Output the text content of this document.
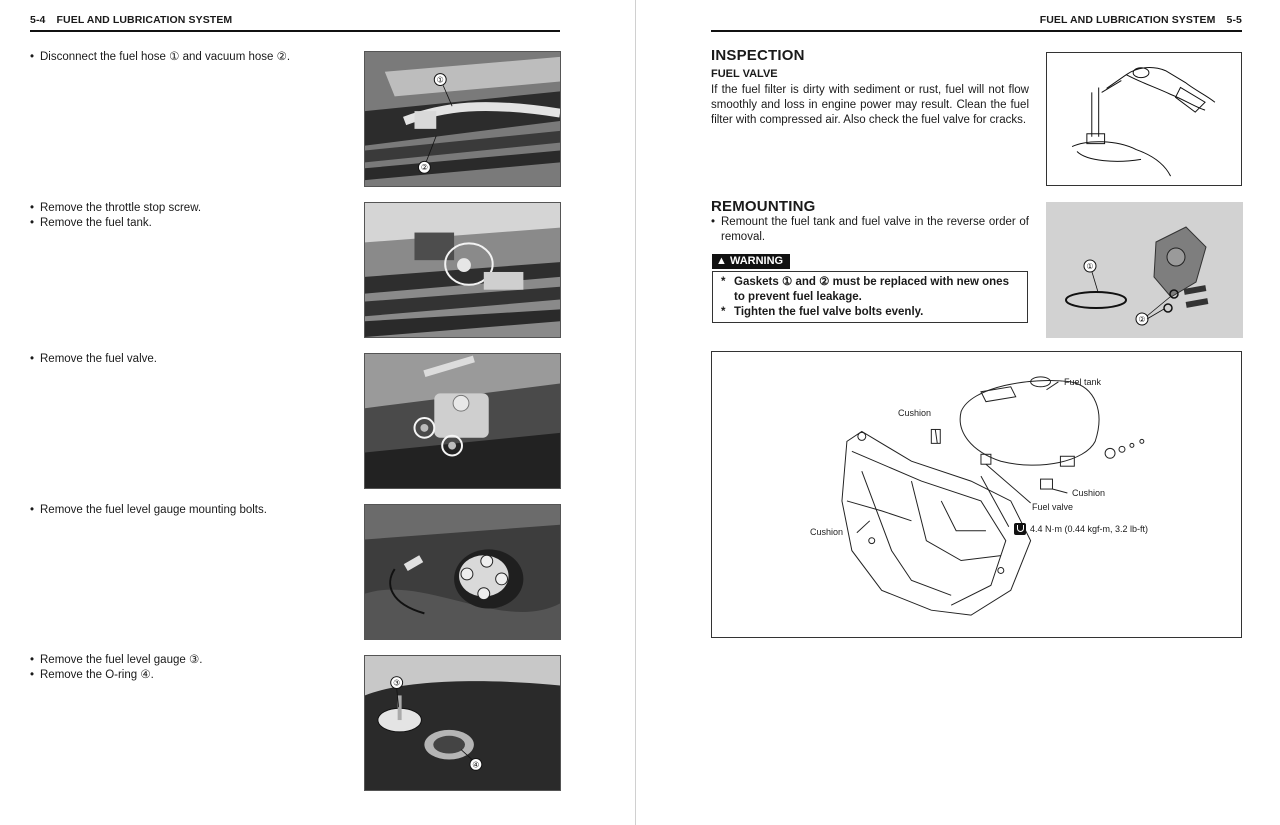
5-4 FUEL AND LUBRICATION SYSTEM
• Disconnect the fuel hose ① and vacuum hose ②.
①
②
• Remove the throttle stop screw.
• Remove the fuel tank.
• Remove the fuel valve.
• Remove the fuel level gauge mounting bolts.
• Remove the fuel level gauge ③.
• Remove the O-ring ④.
③
④
FUEL AND LUBRICATION SYSTEM 5-5
INSPECTION
FUEL VALVE
If the fuel filter is dirty with sediment or rust, fuel will not flow smoothly and loss in engine power may result. Clean the fuel filter with compressed air. Also check the fuel valve for cracks.
REMOUNTING
• Remount the fuel tank and fuel valve in the reverse order of removal.
▲ WARNING
* Gaskets ① and ② must be replaced with new ones to prevent fuel leakage.
* Tighten the fuel valve bolts evenly.
①
②
Fuel tank
Cushion
Cushion
Cushion
Fuel valve
4.4 N·m (0.44 kgf-m, 3.2 lb-ft)
